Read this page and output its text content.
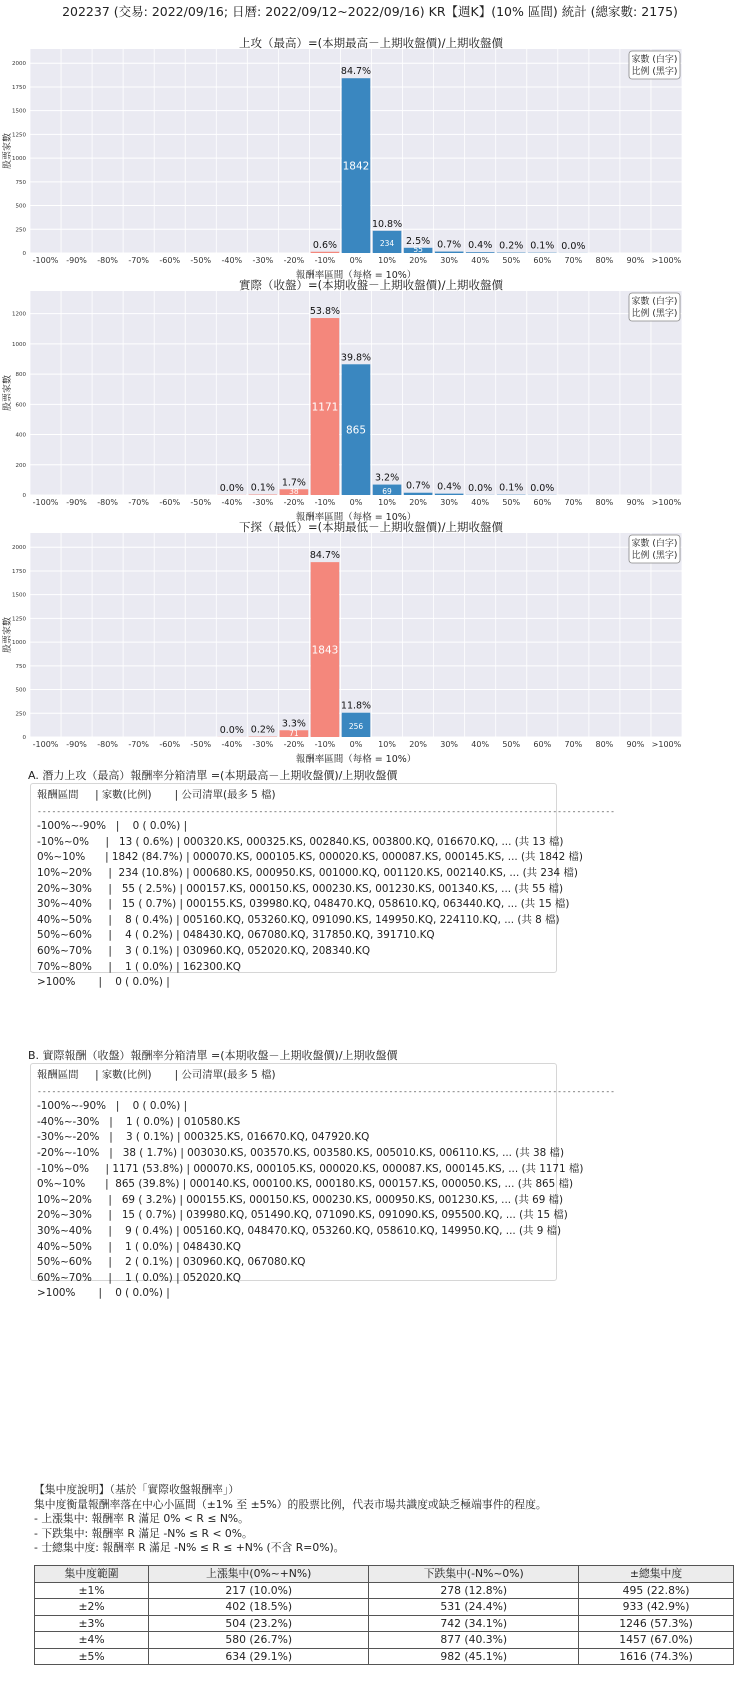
202237 (交易: 2022/09/16; 日曆: 2022/09/12~2022/09/16) KR【週K】(10% 區間) 統計 (總家數: 2175)
0
250
500
750
1000
1250
1500
1750
2000
上攻（最高）=(本期最高－上期收盤價)/上期收盤價
股票家數
報酬率區間（每格 = 10%）
-100% -90% -80% -70% -60% -50% -40% -30% -20% -10%
0.6%
0%
84.7%
1842
10%
10.8%
234
20%
2.5%
55
30%
0.7%
40%
0.4%
50%
0.2%
60%
0.1%
70%
0.0%
80% 90% >100%
家數 (白字)
比例 (黑字)
0
200
400
600
800
1000
1200
實際（收盤）=(本期收盤－上期收盤價)/上期收盤價
股票家數
報酬率區間（每格 = 10%）
-100% -90% -80% -70% -60% -50% -40%
0.0%
-30%
0.1%
-20%
1.7%
38
-10%
53.8%
1171
0%
39.8%
865
10%
3.2%
69
20%
0.7%
30%
0.4%
40%
0.0%
50%
0.1%
60%
0.0%
70% 80% 90% >100%
家數 (白字)
比例 (黑字)
0
250
500
750
1000
1250
1500
1750
2000
下探（最低）=(本期最低－上期收盤價)/上期收盤價
股票家數
報酬率區間（每格 = 10%）
-100% -90% -80% -70% -60% -50% -40%
0.0%
-30%
0.2%
-20%
3.3%
71
-10%
84.7%
1843
0%
11.8%
256
10% 20% 30% 40% 50% 60% 70% 80% 90% >100%
家數 (白字)
比例 (黑字)
A. 潛力上攻（最高）報酬率分箱清單 =(本期最高－上期收盤價)/上期收盤價
報酬區間     | 家數(比例)       | 公司清單(最多 5 檔)
------------------------------------------------------------------------------------------------------------------------
-100%~-90%   |    0 ( 0.0%) |
-10%~0%     |   13 ( 0.6%) | 000320.KS, 000325.KS, 002840.KS, 003800.KQ, 016670.KQ, ... (共 13 檔)
0%~10%      | 1842 (84.7%) | 000070.KS, 000105.KS, 000020.KS, 000087.KS, 000145.KS, ... (共 1842 檔)
10%~20%     |  234 (10.8%) | 000680.KS, 000950.KS, 001000.KQ, 001120.KS, 002140.KS, ... (共 234 檔)
20%~30%     |   55 ( 2.5%) | 000157.KS, 000150.KS, 000230.KS, 001230.KS, 001340.KS, ... (共 55 檔)
30%~40%     |   15 ( 0.7%) | 000155.KS, 039980.KQ, 048470.KQ, 058610.KQ, 063440.KQ, ... (共 15 檔)
40%~50%     |    8 ( 0.4%) | 005160.KQ, 053260.KQ, 091090.KS, 149950.KQ, 224110.KQ, ... (共 8 檔)
50%~60%     |    4 ( 0.2%) | 048430.KQ, 067080.KQ, 317850.KQ, 391710.KQ
60%~70%     |    3 ( 0.1%) | 030960.KQ, 052020.KQ, 208340.KQ
70%~80%     |    1 ( 0.0%) | 162300.KQ
>100%       |    0 ( 0.0%) |
B. 實際報酬（收盤）報酬率分箱清單 =(本期收盤－上期收盤價)/上期收盤價
報酬區間     | 家數(比例)       | 公司清單(最多 5 檔)
------------------------------------------------------------------------------------------------------------------------
-100%~-90%   |    0 ( 0.0%) |
-40%~-30%   |    1 ( 0.0%) | 010580.KS
-30%~-20%   |    3 ( 0.1%) | 000325.KS, 016670.KQ, 047920.KQ
-20%~-10%   |   38 ( 1.7%) | 003030.KS, 003570.KS, 003580.KS, 005010.KS, 006110.KS, ... (共 38 檔)
-10%~0%     | 1171 (53.8%) | 000070.KS, 000105.KS, 000020.KS, 000087.KS, 000145.KS, ... (共 1171 檔)
0%~10%      |  865 (39.8%) | 000140.KS, 000100.KS, 000180.KS, 000157.KS, 000050.KS, ... (共 865 檔)
10%~20%     |   69 ( 3.2%) | 000155.KS, 000150.KS, 000230.KS, 000950.KS, 001230.KS, ... (共 69 檔)
20%~30%     |   15 ( 0.7%) | 039980.KQ, 051490.KQ, 071090.KS, 091090.KS, 095500.KQ, ... (共 15 檔)
30%~40%     |    9 ( 0.4%) | 005160.KQ, 048470.KQ, 053260.KQ, 058610.KQ, 149950.KQ, ... (共 9 檔)
40%~50%     |    1 ( 0.0%) | 048430.KQ
50%~60%     |    2 ( 0.1%) | 030960.KQ, 067080.KQ
60%~70%     |    1 ( 0.0%) | 052020.KQ
>100%       |    0 ( 0.0%) |
【集中度說明】（基於「實際收盤報酬率」）
集中度衡量報酬率落在中心小區間（±1% 至 ±5%）的股票比例，代表市場共識度或缺乏極端事件的程度。
- 上漲集中: 報酬率 R 滿足 0% < R ≤ N%。
- 下跌集中: 報酬率 R 滿足 -N% ≤ R < 0%。
- 士總集中度: 報酬率 R 滿足 -N% ≤ R ≤ +N% (不含 R=0%)。
集中度範圍	上漲集中(0%~+N%)	下跌集中(-N%~0%)	±總集中度
±1%	217 (10.0%)	278 (12.8%)	495 (22.8%)
±2%	402 (18.5%)	531 (24.4%)	933 (42.9%)
±3%	504 (23.2%)	742 (34.1%)	1246 (57.3%)
±4%	580 (26.7%)	877 (40.3%)	1457 (67.0%)
±5%	634 (29.1%)	982 (45.1%)	1616 (74.3%)
